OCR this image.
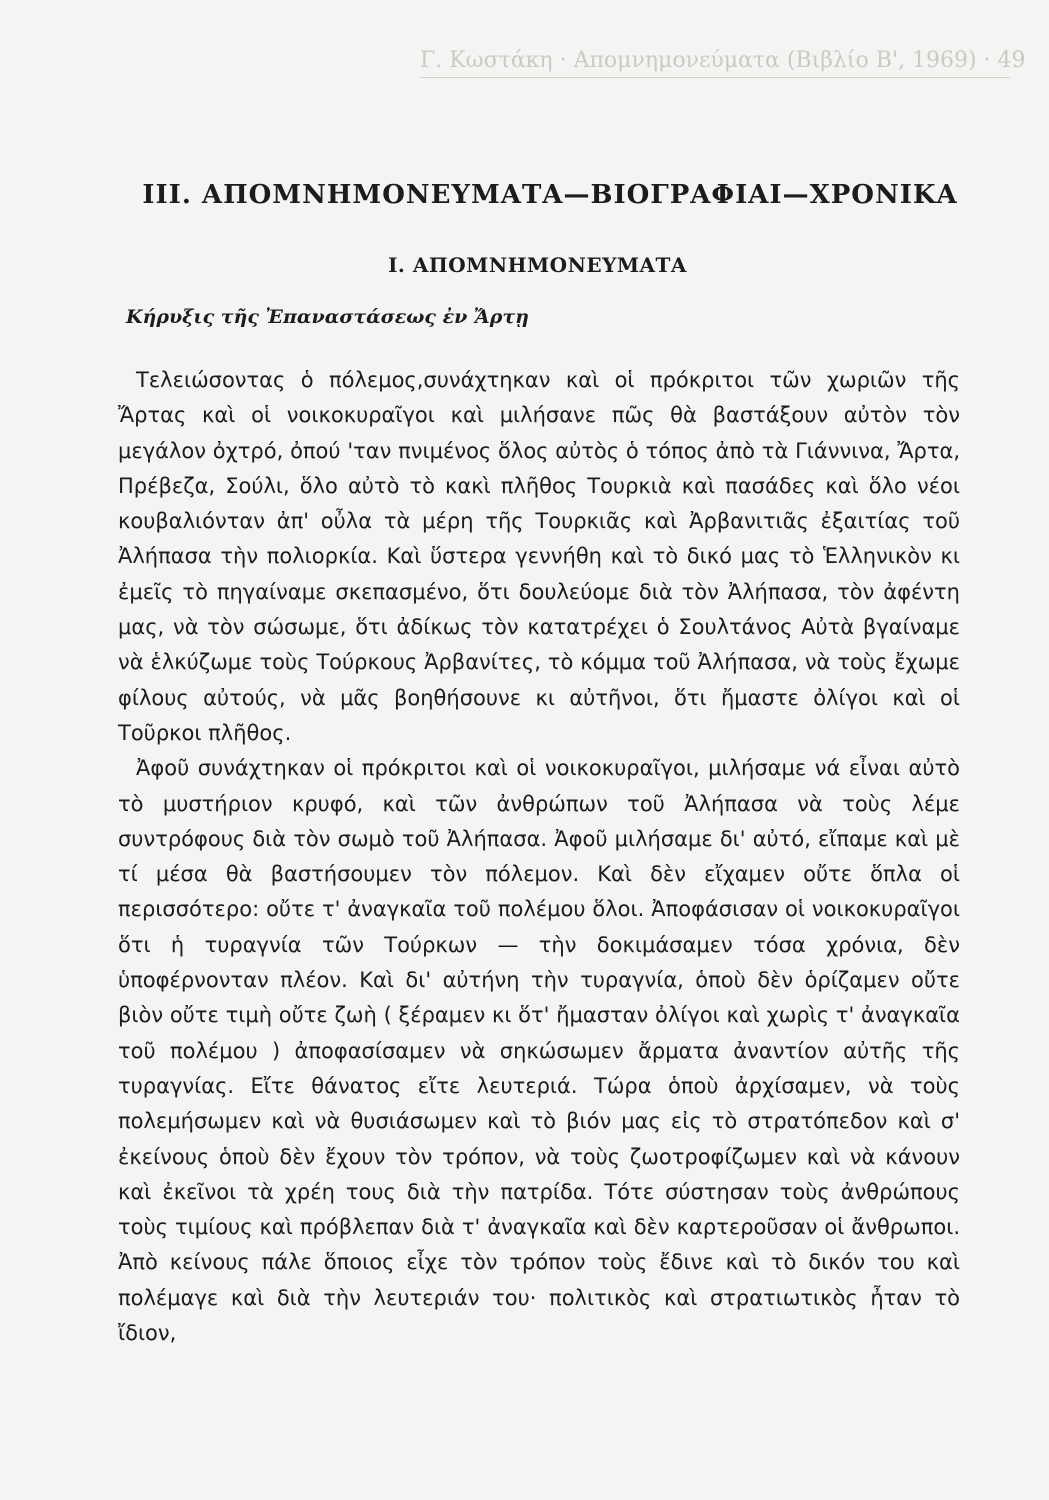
Γ. Κωστάκη · Απομνημονεύματα (Βιβλίο Β', 1969) · 49
III. ΑΠΟΜΝΗΜΟΝΕΥΜΑΤΑ—ΒΙΟΓΡΑΦΙΑΙ—ΧΡΟΝΙΚΑ
I. ΑΠΟΜΝΗΜΟΝΕΥΜΑΤΑ
Κήρυξις τῆς Ἐπαναστάσεως ἐν Ἄρτῃ

Τελειώσοντας ὁ πόλεμος,συνάχτηκαν καὶ οἱ πρόκριτοι τῶν χωριῶν τῆς Ἄρτας καὶ οἱ νοικοκυραῖγοι καὶ μιλήσανε πῶς θὰ βαστάξουν αὐτὸν τὸν μεγάλον ὀχτρό, ὀπού 'ταν πνιμένος ὅλος αὐτὸς ὁ τόπος ἀπὸ τὰ Γιάννινα, Ἄρτα, Πρέβεζα, Σούλι, ὅλο αὐτὸ τὸ κακὶ πλῆθος Τουρκιὰ καὶ πασάδες καὶ ὅλο νέοι κουβαλιόνταν ἀπ' οὖλα τὰ μέρη τῆς Τουρκιᾶς καὶ Ἀρβανιτιᾶς ἐξαιτίας τοῦ Ἀλήπασα τὴν πολιορκία. Καὶ ὕστερα γεννήθη καὶ τὸ δικό μας τὸ Ἑλληνικὸν κι ἐμεῖς τὸ πηγαίναμε σκεπασμένο, ὅτι δουλεύομε διὰ τὸν Ἀλήπασα, τὸν ἀφέντη μας, νὰ τὸν σώσωμε, ὅτι ἀδίκως τὸν κατατρέχει ὁ Σουλτάνος Αὐτὰ βγαίναμε νὰ ἑλκύζωμε τοὺς Τούρκους Ἀρβανίτες, τὸ κόμμα τοῦ Ἀλήπασα, νὰ τοὺς ἔχωμε φίλους αὐτούς, νὰ μᾶς βοηθήσουνε κι αὐτῆνοι, ὅτι ἤμαστε ὀλίγοι καὶ οἱ Τοῦρκοι πλῆθος.

Ἀφοῦ συνάχτηκαν οἱ πρόκριτοι καὶ οἱ νοικοκυραῖγοι, μιλήσαμε νά εἶναι αὐτὸ τὸ μυστήριον κρυφό, καὶ τῶν ἀνθρώπων τοῦ Ἀλήπασα νὰ τοὺς λέμε συντρόφους διὰ τὸν σωμὸ τοῦ Ἀλήπασα. Ἀφοῦ μιλήσαμε δι' αὐτό, εἴπαμε καὶ μὲ τί μέσα θὰ βαστήσουμεν τὸν πόλεμον. Καὶ δὲν εἴχαμεν οὔτε ὅπλα οἱ περισσότερο: οὔτε τ' ἀναγκαῖα τοῦ πολέμου ὅλοι. Ἀποφάσισαν οἱ νοικοκυραῖγοι ὅτι ἡ τυραγνία τῶν Τούρκων — τὴν δοκιμάσαμεν τόσα χρόνια, δὲν ὑποφέρνονταν πλέον. Καὶ δι' αὐτήνη τὴν τυραγνία, ὁποὺ δὲν ὁρίζαμεν οὔτε βιὸν οὔτε τιμὴ οὔτε ζωὴ ( ξέραμεν κι ὅτ' ἤμασταν ὀλίγοι καὶ χωρὶς τ' ἀναγκαῖα τοῦ πολέμου ) ἀποφασίσαμεν νὰ σηκώσωμεν ἄρματα ἀναντίον αὐτῆς τῆς τυραγνίας. Εἴτε θάνατος εἴτε λευτεριά. Τώρα ὁποὺ ἀρχίσαμεν, νὰ τοὺς πολεμήσωμεν καὶ νὰ θυσιάσωμεν καὶ τὸ βιόν μας εἰς τὸ στρατόπεδον καὶ σ' ἐκείνους ὁποὺ δὲν ἔχουν τὸν τρόπον, νὰ τοὺς ζωοτροφίζωμεν καὶ νὰ κάνουν καὶ ἐκεῖνοι τὰ χρέη τους διὰ τὴν πατρίδα. Τότε σύστησαν τοὺς ἀνθρώπους τοὺς τιμίους καὶ πρόβλεπαν διὰ τ' ἀναγκαῖα καὶ δὲν καρτεροῦσαν οἱ ἄνθρωποι. Ἀπὸ κείνους πάλε ὅποιος εἶχε τὸν τρόπον τοὺς ἔδινε καὶ τὸ δικόν του καὶ πολέμαγε καὶ διὰ τὴν λευτεριάν του· πολιτικὸς καὶ στρατιωτικὸς ἦταν τὸ ἴδιον,
